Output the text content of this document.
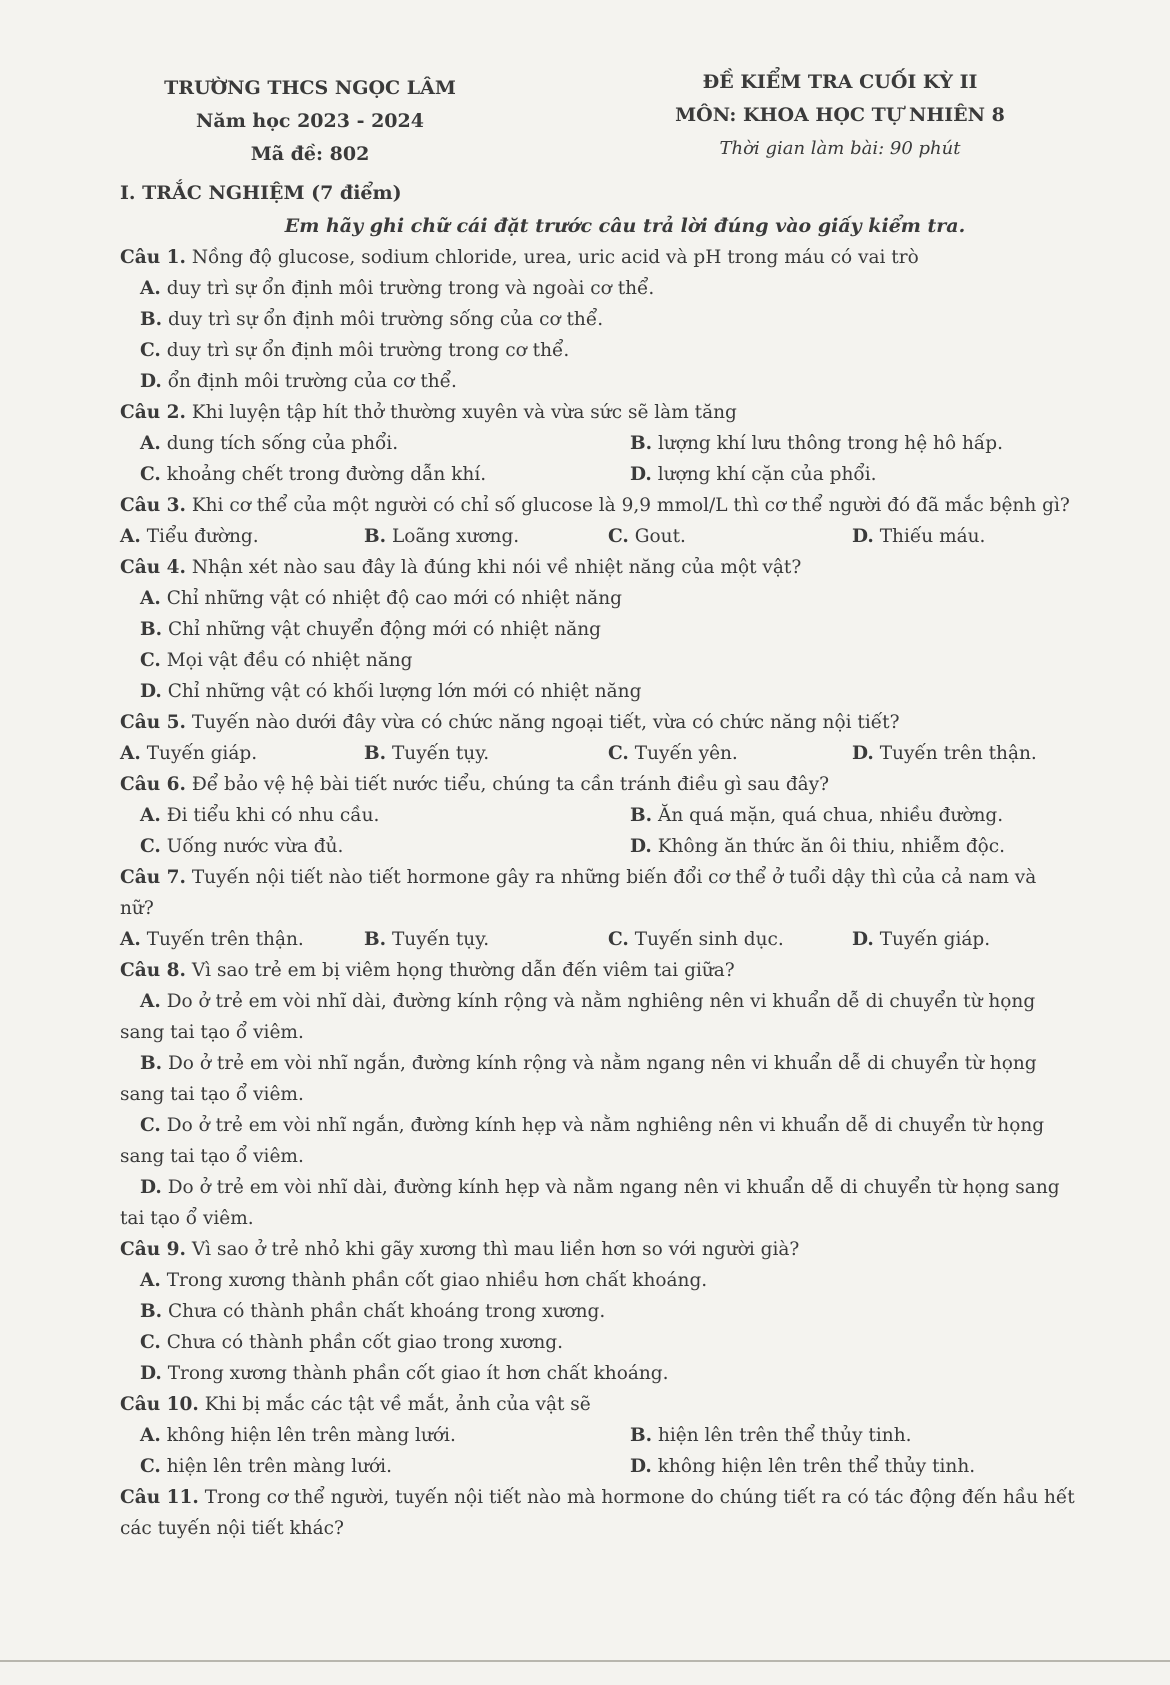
TRƯỜNG THCS NGỌC LÂM
Năm học 2023 - 2024
Mã đề: 802
ĐỀ KIỂM TRA CUỐI KỲ II
MÔN: KHOA HỌC TỰ NHIÊN 8
Thời gian làm bài: 90 phút
I. TRẮC NGHIỆM (7 điểm)
Em hãy ghi chữ cái đặt trước câu trả lời đúng vào giấy kiểm tra.
Câu 1. Nồng độ glucose, sodium chloride, urea, uric acid và pH trong máu có vai trò
A. duy trì sự ổn định môi trường trong và ngoài cơ thể.
B. duy trì sự ổn định môi trường sống của cơ thể.
C. duy trì sự ổn định môi trường trong cơ thể.
D. ổn định môi trường của cơ thể.
Câu 2. Khi luyện tập hít thở thường xuyên và vừa sức sẽ làm tăng
A. dung tích sống của phổi.	B. lượng khí lưu thông trong hệ hô hấp.
C. khoảng chết trong đường dẫn khí.	D. lượng khí cặn của phổi.
Câu 3. Khi cơ thể của một người có chỉ số glucose là 9,9 mmol/L thì cơ thể người đó đã mắc bệnh gì?
A. Tiểu đường.	B. Loãng xương.	C. Gout.	D. Thiếu máu.
Câu 4. Nhận xét nào sau đây là đúng khi nói về nhiệt năng của một vật?
A. Chỉ những vật có nhiệt độ cao mới có nhiệt năng
B. Chỉ những vật chuyển động mới có nhiệt năng
C. Mọi vật đều có nhiệt năng
D. Chỉ những vật có khối lượng lớn mới có nhiệt năng
Câu 5. Tuyến nào dưới đây vừa có chức năng ngoại tiết, vừa có chức năng nội tiết?
A. Tuyến giáp.	B. Tuyến tụy.	C. Tuyến yên.	D. Tuyến trên thận.
Câu 6. Để bảo vệ hệ bài tiết nước tiểu, chúng ta cần tránh điều gì sau đây?
A. Đi tiểu khi có nhu cầu.	B. Ăn quá mặn, quá chua, nhiều đường.
C. Uống nước vừa đủ.	D. Không ăn thức ăn ôi thiu, nhiễm độc.
Câu 7. Tuyến nội tiết nào tiết hormone gây ra những biến đổi cơ thể ở tuổi dậy thì của cả nam và nữ?
A. Tuyến trên thận.	B. Tuyến tụy.	C. Tuyến sinh dục.	D. Tuyến giáp.
Câu 8. Vì sao trẻ em bị viêm họng thường dẫn đến viêm tai giữa?
A. Do ở trẻ em vòi nhĩ dài, đường kính rộng và nằm nghiêng nên vi khuẩn dễ di chuyển từ họng sang tai tạo ổ viêm.
B. Do ở trẻ em vòi nhĩ ngắn, đường kính rộng và nằm ngang nên vi khuẩn dễ di chuyển từ họng sang tai tạo ổ viêm.
C. Do ở trẻ em vòi nhĩ ngắn, đường kính hẹp và nằm nghiêng nên vi khuẩn dễ di chuyển từ họng sang tai tạo ổ viêm.
D. Do ở trẻ em vòi nhĩ dài, đường kính hẹp và nằm ngang nên vi khuẩn dễ di chuyển từ họng sang tai tạo ổ viêm.
Câu 9. Vì sao ở trẻ nhỏ khi gãy xương thì mau liền hơn so với người già?
A. Trong xương thành phần cốt giao nhiều hơn chất khoáng.
B. Chưa có thành phần chất khoáng trong xương.
C. Chưa có thành phần cốt giao trong xương.
D. Trong xương thành phần cốt giao ít hơn chất khoáng.
Câu 10. Khi bị mắc các tật về mắt, ảnh của vật sẽ
A. không hiện lên trên màng lưới.	B. hiện lên trên thể thủy tinh.
C. hiện lên trên màng lưới.	D. không hiện lên trên thể thủy tinh.
Câu 11. Trong cơ thể người, tuyến nội tiết nào mà hormone do chúng tiết ra có tác động đến hầu hết các tuyến nội tiết khác?
